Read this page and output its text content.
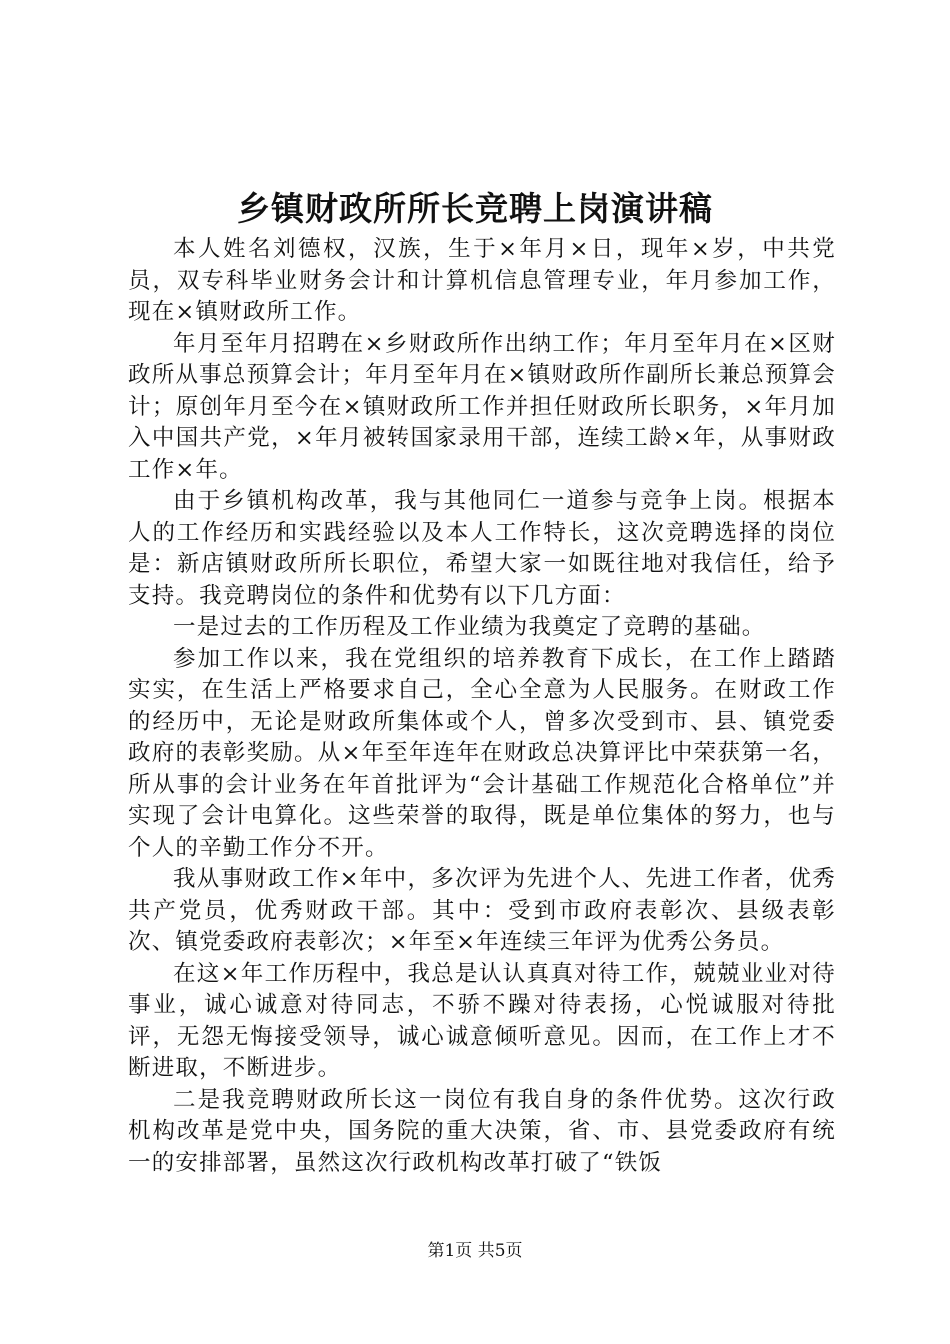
乡镇财政所所长竞聘上岗演讲稿

本人姓名刘德权，汉族，生于×年月×日，现年×岁，中共党员，双专科毕业财务会计和计算机信息管理专业，年月参加工作，现在×镇财政所工作。

年月至年月招聘在×乡财政所作出纳工作；年月至年月在×区财政所从事总预算会计；年月至年月在×镇财政所作副所长兼总预算会计；原创年月至今在×镇财政所工作并担任财政所长职务，×年月加入中国共产党，×年月被转国家录用干部，连续工龄×年，从事财政工作×年。

由于乡镇机构改革，我与其他同仁一道参与竞争上岗。根据本人的工作经历和实践经验以及本人工作特长，这次竞聘选择的岗位是：新店镇财政所所长职位，希望大家一如既往地对我信任，给予支持。我竞聘岗位的条件和优势有以下几方面：

一是过去的工作历程及工作业绩为我奠定了竞聘的基础。

参加工作以来，我在党组织的培养教育下成长，在工作上踏踏实实，在生活上严格要求自己，全心全意为人民服务。在财政工作的经历中，无论是财政所集体或个人，曾多次受到市、县、镇党委政府的表彰奖励。从×年至年连年在财政总决算评比中荣获第一名，所从事的会计业务在年首批评为“会计基础工作规范化合格单位”并实现了会计电算化。这些荣誉的取得，既是单位集体的努力，也与个人的辛勤工作分不开。

我从事财政工作×年中，多次评为先进个人、先进工作者，优秀共产党员，优秀财政干部。其中：受到市政府表彰次、县级表彰次、镇党委政府表彰次；×年至×年连续三年评为优秀公务员。

在这×年工作历程中，我总是认认真真对待工作，兢兢业业对待事业，诚心诚意对待同志，不骄不躁对待表扬，心悦诚服对待批评，无怨无悔接受领导，诚心诚意倾听意见。因而，在工作上才不断进取，不断进步。

二是我竞聘财政所长这一岗位有我自身的条件优势。这次行政机构改革是党中央，国务院的重大决策，省、市、县党委政府有统一的安排部署，虽然这次行政机构改革打破了“铁饭

第1页 共5页
